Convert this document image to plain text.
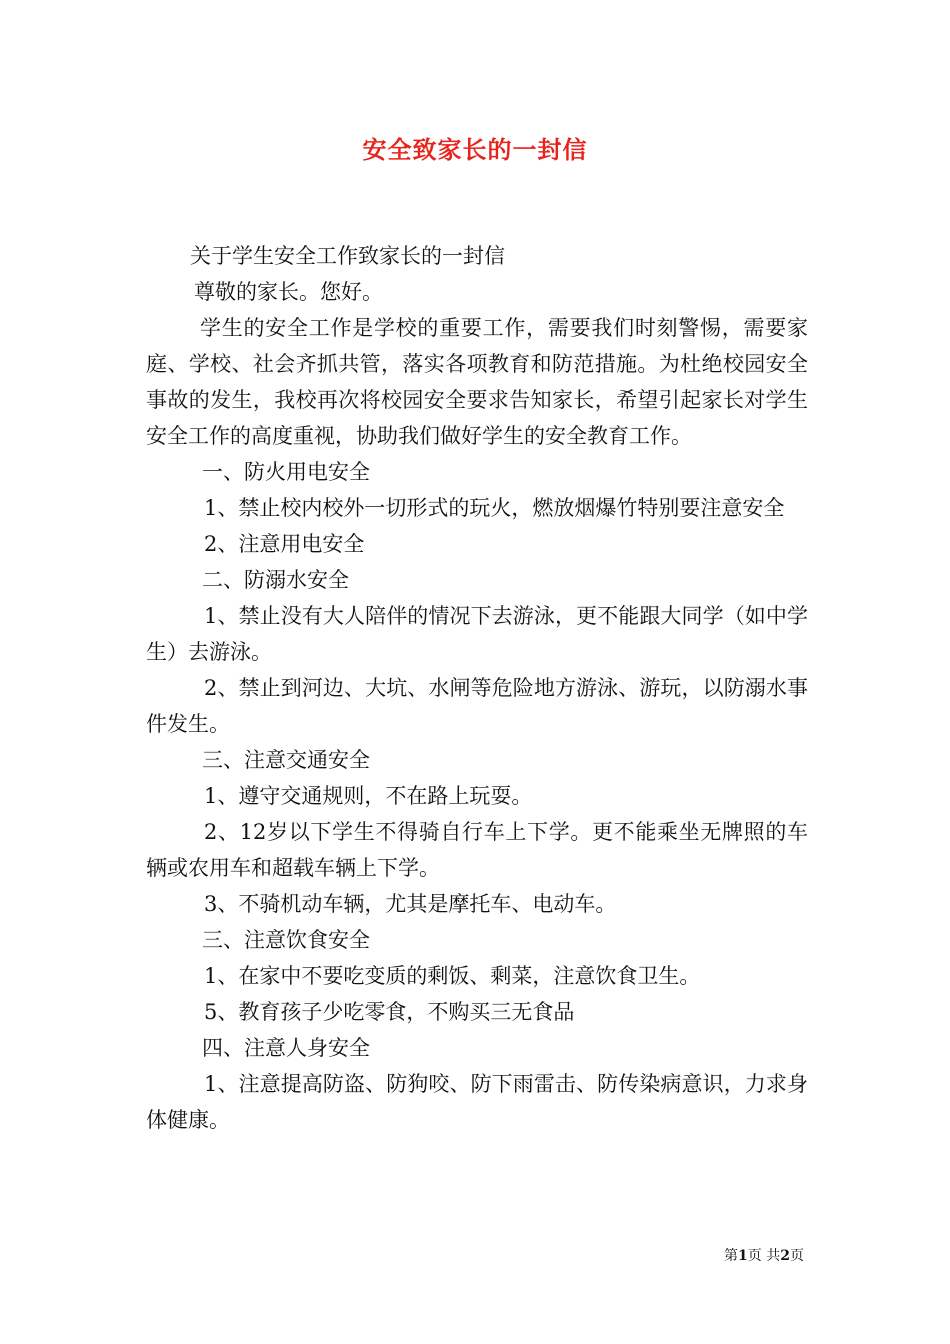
安全致家长的一封信

关于学生安全工作致家长的一封信

尊敬的家长。您好。

学生的安全工作是学校的重要工作，需要我们时刻警惕，需要家庭、学校、社会齐抓共管，落实各项教育和防范措施。为杜绝校园安全事故的发生，我校再次将校园安全要求告知家长，希望引起家长对学生安全工作的高度重视，协助我们做好学生的安全教育工作。

一、防火用电安全

1、禁止校内校外一切形式的玩火，燃放烟爆竹特别要注意安全

2、注意用电安全

二、防溺水安全

1、禁止没有大人陪伴的情况下去游泳，更不能跟大同学（如中学生）去游泳。

2、禁止到河边、大坑、水闸等危险地方游泳、游玩，以防溺水事件发生。

三、注意交通安全

1、遵守交通规则，不在路上玩耍。

2、12岁以下学生不得骑自行车上下学。更不能乘坐无牌照的车辆或农用车和超载车辆上下学。

3、不骑机动车辆，尤其是摩托车、电动车。

三、注意饮食安全

1、在家中不要吃变质的剩饭、剩菜，注意饮食卫生。

5、教育孩子少吃零食，不购买三无食品

四、注意人身安全

1、注意提高防盗、防狗咬、防下雨雷击、防传染病意识，力求身体健康。

第1页 共2页
